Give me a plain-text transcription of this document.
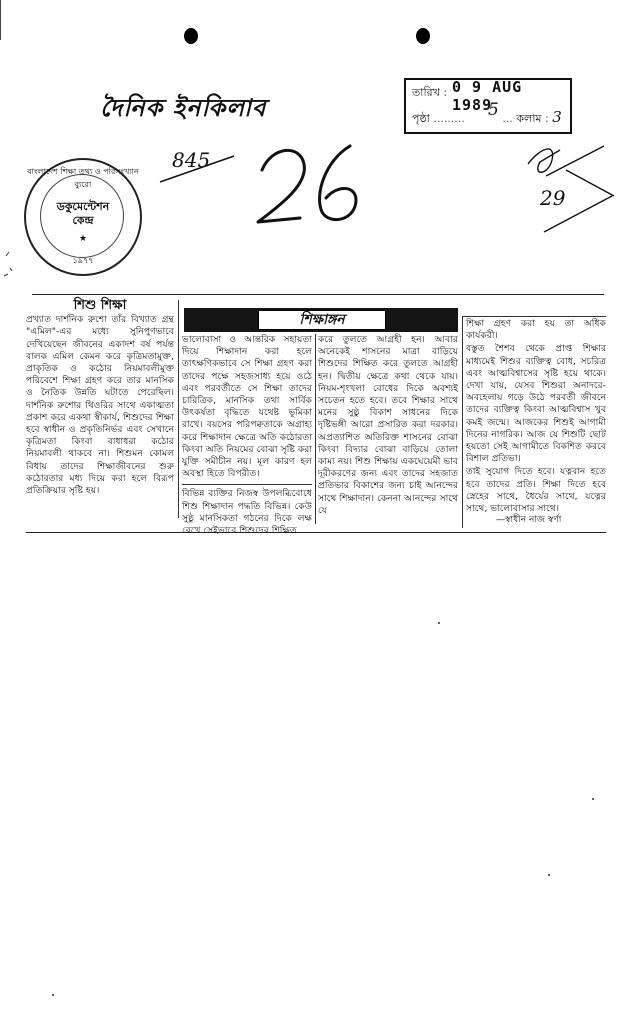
দৈনিক ইনকিলাব
তারিখ : 0 9 AUG 1989
পৃষ্ঠা ......... 5 ... কলাম : 3
বাংলাদেশ শিক্ষা তথ্য ও পরিসংখ্যান ব্যুরো
ডকুমেন্টেশন
কেন্দ্র
★
১৯৭৭
845
29
শিশু শিক্ষা

প্রখ্যাত দার্শনিক রুশো তাঁর বিখ্যাত গ্রন্থ "এমিল"-এর মধ্যে সুনিপুণভাবে দেখিয়েছেন জীবনের একাদশ বর্ষ পর্যন্ত বালক এমিল কেমন করে কৃত্রিমতামুক্ত, প্রাকৃতিক ও কঠোর নিয়মাবলীমুক্ত পরিবেশে শিক্ষা গ্রহণ করে তার মানসিক ও নৈতিক উন্নতি ঘটাতে পেরেছিল। দার্শনিক রুশোর থিওরির সাথে একাত্মতা প্রকাশ করে একথা স্বীকার্য, শিশুদের শিক্ষা হবে স্বাধীন ও প্রকৃতিনির্ভর এবং সেখানে কৃত্রিমতা কিংবা বাধাধরা কঠোর নিয়মাবলী থাকবে না। শিশুমন কোমল বিধায় তাদের শিক্ষাজীবনের শুরু কঠোরতার মধ্য দিয়ে করা হলে বিরূপ প্রতিক্রিয়ার সৃষ্টি হয়।

শিক্ষাঙ্গন

ভালোবাসা ও আন্তরিক সহায়তা দিয়ে শিক্ষাদান করা হলে তাৎক্ষণিকভাবে সে শিক্ষা গ্রহণ করা তাদের পক্ষে সহজসাধ্য হয়ে ওঠে এবং পরবর্তীতে সে শিক্ষা তাদের চারিত্রিক, মানসিক তথা সার্বিক উৎকর্ষতা বৃদ্ধিতে যথেষ্ট ভূমিকা রাখে। বয়সের পরিপক্বতাকে অগ্রাহ্য করে শিক্ষাদান ক্ষেত্রে অতি কঠোরতা কিংবা অতি নিয়মের বোঝা সৃষ্টি করা যুক্তি সমীচীন নয়। মূল কারণ হল অবস্থা হিতে বিপরীত।

বিভিন্ন ব্যক্তির নিজস্ব উপলব্ধিবোধে শিশু শিক্ষাদান পদ্ধতি বিভিন্ন। কেউ সুষ্ঠু মানসিকতা গঠনের দিকে লক্ষ রেখে সেইভাবে শিশুদের শিক্ষিত

করে তুলতে আগ্রহী হন। আবার অনেকেই শাসনের মাত্রা বাড়িয়ে শিশুদের শিক্ষিত করে তুলতে আগ্রহী হন। দ্বিতীয় ক্ষেত্রে কথা থেকে যায়। নিয়ম-শৃংখলা বোধের দিকে অবশ্যই সচেতন হতে হবে। তবে শিক্ষার সাথে মনের সুষ্ঠু বিকাশ সাধনের দিকে দৃষ্টিভঙ্গী আরো প্রসারিত করা দরকার। অপ্রত্যাশিত অতিরিক্ত শাসনের বোঝা কিংবা বিদ্যার বোঝা বাড়িয়ে তোলা কাম্য নয়। শিশু শিক্ষায় একঘেয়েমী ভাব দূরীকরণের জন্য এবং তাদের সহজাত প্রতিভার বিকাশের জন্য চাই আনন্দের সাথে শিক্ষাদান। কেননা আনন্দের সাথে যে

শিক্ষা গ্রহণ করা হয় তা অধিক কার্যকরী।

বস্তুত শৈশব থেকে প্রাপ্ত শিক্ষার মাধ্যমেই শিশুর ব্যক্তিত্ব বোধ, সচরিত্র এবং আত্মবিশ্বাসের সৃষ্টি হয়ে থাকে। দেখা যায়, যেসব শিশুরা অনাদরে-অবহেলায় গড়ে উঠে পরবর্তী জীবনে তাদের ব্যক্তিত্ব কিংবা আত্মবিশ্বাস খুব কমই জন্মে। আজকের শিশুই আগামী দিনের নাগরিক। আজ যে শিশুটি ছোট হয়তো সেই আগামীতে বিকশিত করবে বিশাল প্রতিভা।

তাই সুযোগ দিতে হবে। যত্নবান হতে হবে তাদের প্রতি। শিক্ষা দিতে হবে স্নেহের সাথে, ধৈর্যের সাথে, যত্নের সাথে, ভালোবাসার সাথে।

—স্বাধীন নাজ স্বর্ণা
